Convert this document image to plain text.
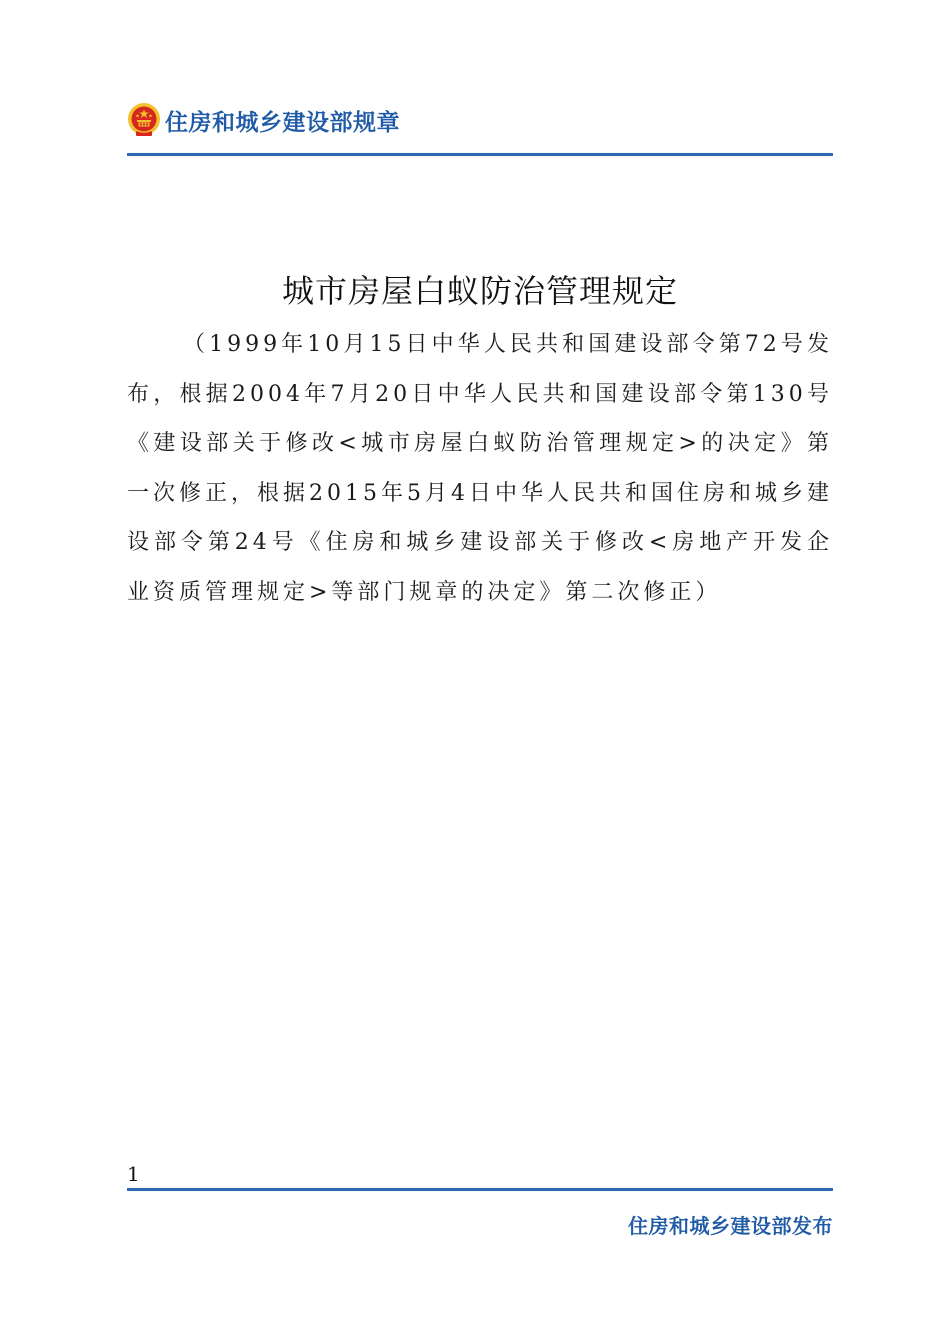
住房和城乡建设部规章
城市房屋白蚁防治管理规定
（1999年10月15日中华人民共和国建设部令第72号发布，根据2004年7月20日中华人民共和国建设部令第130号《建设部关于修改<城市房屋白蚁防治管理规定>的决定》第一次修正，根据2015年5月4日中华人民共和国住房和城乡建设部令第24号《住房和城乡建设部关于修改<房地产开发企业资质管理规定>等部门规章的决定》第二次修正）
1
住房和城乡建设部发布
